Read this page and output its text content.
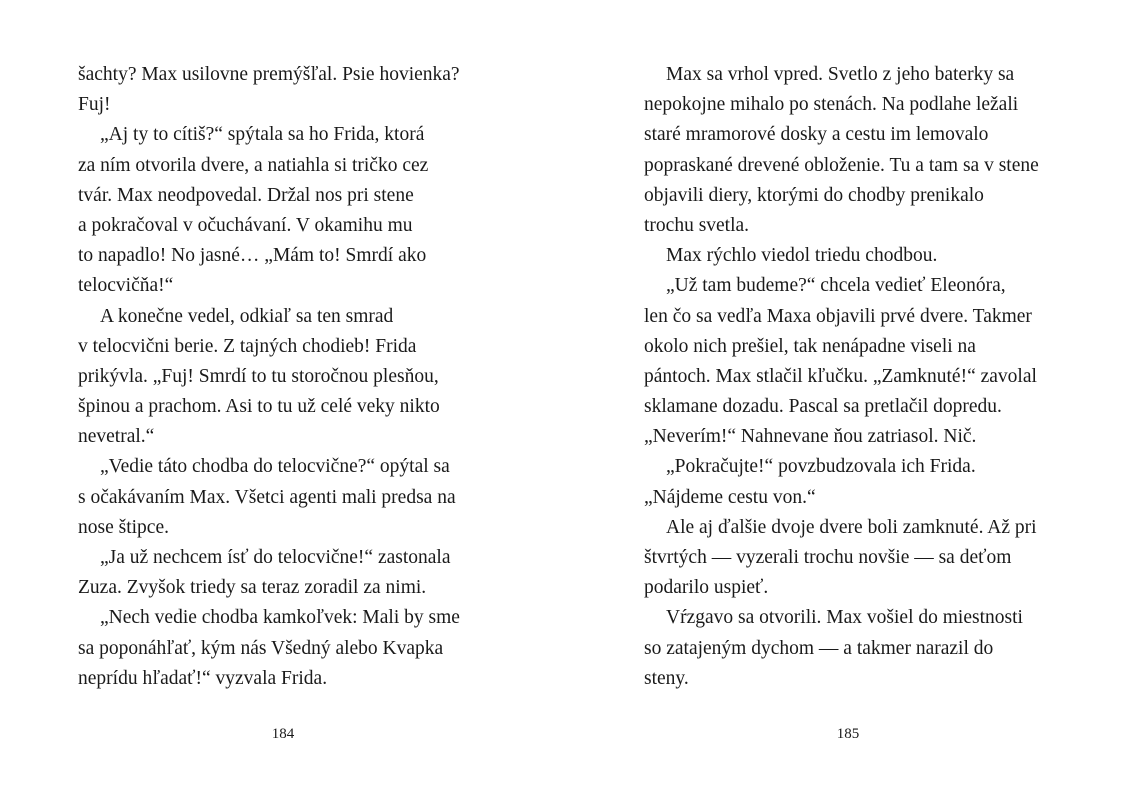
šachty? Max usilovne premýšľal. Psie hovienka?
Fuj!
„Aj ty to cítiš?“ spýtala sa ho Frida, ktorá
za ním otvorila dvere, a natiahla si tričko cez
tvár. Max neodpovedal. Držal nos pri stene
a pokračoval v očuchávaní. V okamihu mu
to napadlo! No jasné… „Mám to! Smrdí ako
telocvičňa!“
A konečne vedel, odkiaľ sa ten smrad
v telocvični berie. Z tajných chodieb! Frida
prikývla. „Fuj! Smrdí to tu storočnou plesňou,
špinou a prachom. Asi to tu už celé veky nikto
nevetral.“
„Vedie táto chodba do telocvične?“ opýtal sa
s očakávaním Max. Všetci agenti mali predsa na
nose štipce.
„Ja už nechcem ísť do telocvične!“ zastonala
Zuza. Zvyšok triedy sa teraz zoradil za nimi.
„Nech vedie chodba kamkoľvek: Mali by sme
sa poponáhľať, kým nás Všedný alebo Kvapka
neprídu hľadať!“ vyzvala Frida.
184
Max sa vrhol vpred. Svetlo z jeho baterky sa
nepokojne mihalo po stenách. Na podlahe ležali
staré mramorové dosky a cestu im lemovalo
popraskané drevené obloženie. Tu a tam sa v stene
objavili diery, ktorými do chodby prenikalo
trochu svetla.
Max rýchlo viedol triedu chodbou.
„Už tam budeme?“ chcela vedieť Eleonóra,
len čo sa vedľa Maxa objavili prvé dvere. Takmer
okolo nich prešiel, tak nenápadne viseli na
pántoch. Max stlačil kľučku. „Zamknuté!“ zavolal
sklamane dozadu. Pascal sa pretlačil dopredu.
„Neverím!“ Nahnevane ňou zatriasol. Nič.
„Pokračujte!“ povzbudzovala ich Frida.
„Nájdeme cestu von.“
Ale aj ďalšie dvoje dvere boli zamknuté. Až pri
štvrtých — vyzerali trochu novšie — sa deťom
podarilo uspieť.
Vŕzgavo sa otvorili. Max vošiel do miestnosti
so zatajeným dychom — a takmer narazil do
steny.
185
